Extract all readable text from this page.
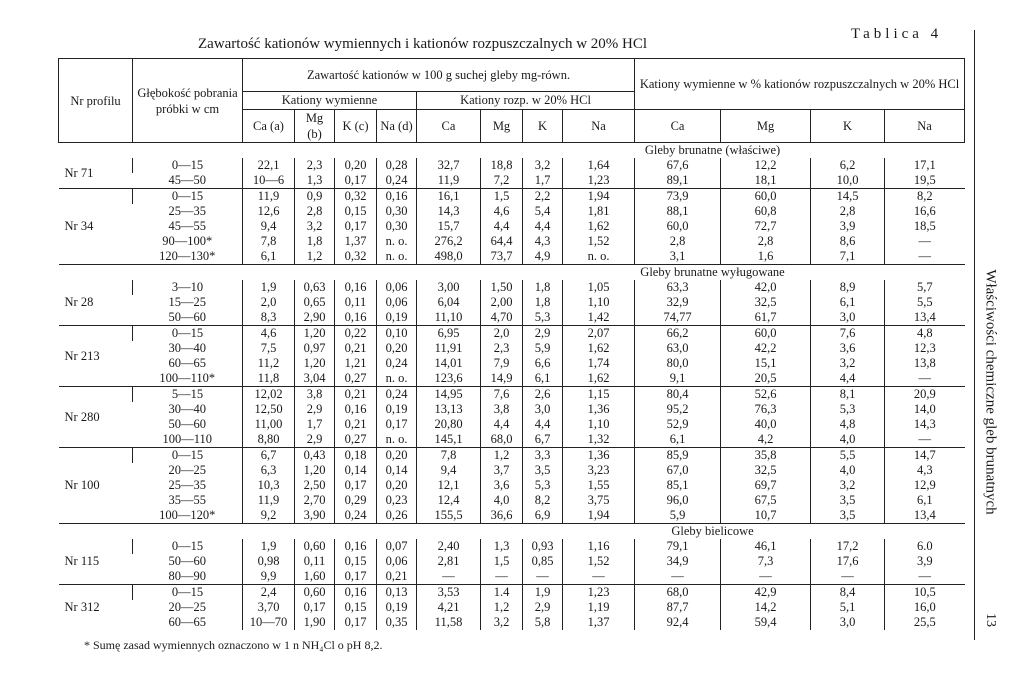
Zawartość kationów wymiennych i kationów rozpuszczalnych w 20% HCl
Tablica 4
Właściwości chemiczne gleb brunatnych
13
Nr profilu	Głębokość pobrania próbki w cm	Zawartość kationów w 100 g suchej gleby mg-równ.								Kationy wymienne w % kationów rozpuszczalnych w 20% HCl			
		Kationy wymienne				Kationy rozp. w 20% HCl							
		Ca (a)	Mg (b)	K (c)	Na (d)	Ca	Mg	K	Na	Ca	Mg	K	Na
	Gleby brunatne (właściwe)												
Nr 71	0—15	22,1	2,3	0,20	0,28	32,7	18,8	3,2	1,64	67,6	12,2	6,2	17,1
	45—50	10—6	1,3	0,17	0,24	11,9	7,2	1,7	1,23	89,1	18,1	10,0	19,5
Nr 34	0—15	11,9	0,9	0,32	0,16	16,1	1,5	2,2	1,94	73,9	60,0	14,5	8,2
	25—35	12,6	2,8	0,15	0,30	14,3	4,6	5,4	1,81	88,1	60,8	2,8	16,6
	45—55	9,4	3,2	0,17	0,30	15,7	4,4	4,4	1,62	60,0	72,7	3,9	18,5
	90—100*	7,8	1,8	1,37	n. o.	276,2	64,4	4,3	1,52	2,8	2,8	8,6	—
	120—130*	6,1	1,2	0,32	n. o.	498,0	73,7	4,9	n. o.	3,1	1,6	7,1	—
	Gleby brunatne wyługowane												
Nr 28	3—10	1,9	0,63	0,16	0,06	3,00	1,50	1,8	1,05	63,3	42,0	8,9	5,7
	15—25	2,0	0,65	0,11	0,06	6,04	2,00	1,8	1,10	32,9	32,5	6,1	5,5
	50—60	8,3	2,90	0,16	0,19	11,10	4,70	5,3	1,42	74,77	61,7	3,0	13,4
Nr 213	0—15	4,6	1,20	0,22	0,10	6,95	2,0	2,9	2,07	66,2	60,0	7,6	4,8
	30—40	7,5	0,97	0,21	0,20	11,91	2,3	5,9	1,62	63,0	42,2	3,6	12,3
	60—65	11,2	1,20	1,21	0,24	14,01	7,9	6,6	1,74	80,0	15,1	3,2	13,8
	100—110*	11,8	3,04	0,27	n. o.	123,6	14,9	6,1	1,62	9,1	20,5	4,4	—
Nr 280	5—15	12,02	3,8	0,21	0,24	14,95	7,6	2,6	1,15	80,4	52,6	8,1	20,9
	30—40	12,50	2,9	0,16	0,19	13,13	3,8	3,0	1,36	95,2	76,3	5,3	14,0
	50—60	11,00	1,7	0,21	0,17	20,80	4,4	4,4	1,10	52,9	40,0	4,8	14,3
	100—110	8,80	2,9	0,27	n. o.	145,1	68,0	6,7	1,32	6,1	4,2	4,0	—
Nr 100	0—15	6,7	0,43	0,18	0,20	7,8	1,2	3,3	1,36	85,9	35,8	5,5	14,7
	20—25	6,3	1,20	0,14	0,14	9,4	3,7	3,5	3,23	67,0	32,5	4,0	4,3
	25—35	10,3	2,50	0,17	0,20	12,1	3,6	5,3	1,55	85,1	69,7	3,2	12,9
	35—55	11,9	2,70	0,29	0,23	12,4	4,0	8,2	3,75	96,0	67,5	3,5	6,1
	100—120*	9,2	3,90	0,24	0,26	155,5	36,6	6,9	1,94	5,9	10,7	3,5	13,4
	Gleby bielicowe												
Nr 115	0—15	1,9	0,60	0,16	0,07	2,40	1,3	0,93	1,16	79,1	46,1	17,2	6.0
	50—60	0,98	0,11	0,15	0,06	2,81	1,5	0,85	1,52	34,9	7,3	17,6	3,9
	80—90	9,9	1,60	0,17	0,21	—	—	—	—	—	—	—	—
Nr 312	0—15	2,4	0,60	0,16	0,13	3,53	1.4	1,9	1,23	68,0	42,9	8,4	10,5
	20—25	3,70	0,17	0,15	0,19	4,21	1,2	2,9	1,19	87,7	14,2	5,1	16,0
	60—65	10—70	1,90	0,17	0,35	11,58	3,2	5,8	1,37	92,4	59,4	3,0	25,5
* Sumę zasad wymiennych oznaczono w 1 n NH₄Cl o pH 8,2.
